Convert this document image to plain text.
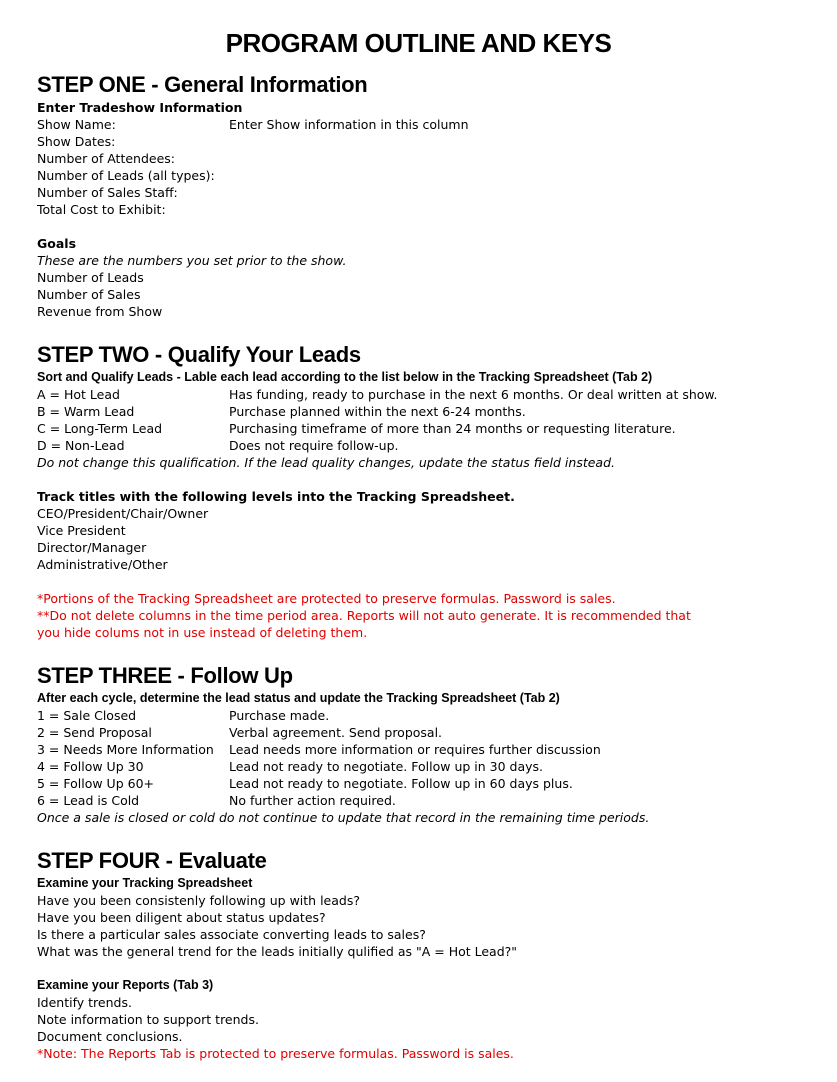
PROGRAM OUTLINE AND KEYS
STEP ONE - General Information
Enter Tradeshow Information
Show Name:	Enter Show information in this column
Show Dates:
Number of Attendees:
Number of Leads (all types):
Number of Sales Staff:
Total Cost to Exhibit:
Goals
These are the numbers you set prior to the show.
Number of Leads
Number of Sales
Revenue from Show
STEP TWO - Qualify Your Leads
Sort and Qualify Leads - Lable each lead according to the list below in the Tracking Spreadsheet (Tab 2)
A = Hot Lead	Has funding, ready to purchase in the next 6 months. Or deal written at show.
B = Warm Lead	Purchase planned within the next 6-24 months.
C = Long-Term Lead	Purchasing timeframe of more than 24 months or requesting literature.
D = Non-Lead	Does not require follow-up.
Do not change this qualification. If the lead quality changes, update the status field instead.
Track titles with the following levels into the Tracking Spreadsheet.
CEO/President/Chair/Owner
Vice President
Director/Manager
Administrative/Other
*Portions of the Tracking Spreadsheet are protected to preserve formulas. Password is sales.
**Do not delete columns in the time period area. Reports will not auto generate. It is recommended that
you hide colums not in use instead of deleting them.
STEP THREE - Follow Up
After each cycle, determine the lead status and update the Tracking Spreadsheet (Tab 2)
1 = Sale Closed	Purchase made.
2 = Send Proposal	Verbal agreement. Send proposal.
3 = Needs More Information	Lead needs more information or requires further discussion
4 = Follow Up 30	Lead not ready to negotiate. Follow up in 30 days.
5 = Follow Up 60+	Lead not ready to negotiate. Follow up in 60 days plus.
6 = Lead is Cold	No further action required.
Once a sale is closed or cold do not continue to update that record in the remaining time periods.
STEP FOUR - Evaluate
Examine your Tracking Spreadsheet
Have you been consistenly following up with leads?
Have you been diligent about status updates?
Is there a particular sales associate converting leads to sales?
What was the general trend for the leads initially qulified as "A = Hot Lead?"
Examine your Reports (Tab 3)
Identify trends.
Note information to support trends.
Document conclusions.
*Note: The Reports Tab is protected to preserve formulas. Password is sales.
